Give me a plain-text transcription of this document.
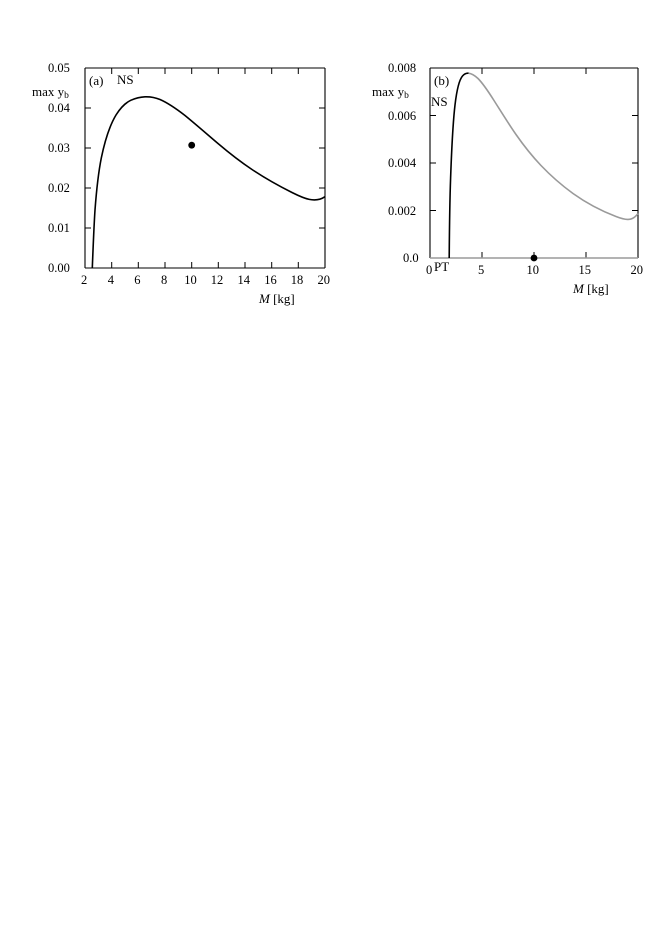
(a) NS
$\max y_b$
0.00
0.01
0.02
0.03
0.04
0.05
2 4 6 8 10 12 14 16 18 20
M [kg]
(b)
NS
PT
$\max y_b$
0.0
0.002
0.004
0.006
0.008
0	5	10	15	20
M [kg]
